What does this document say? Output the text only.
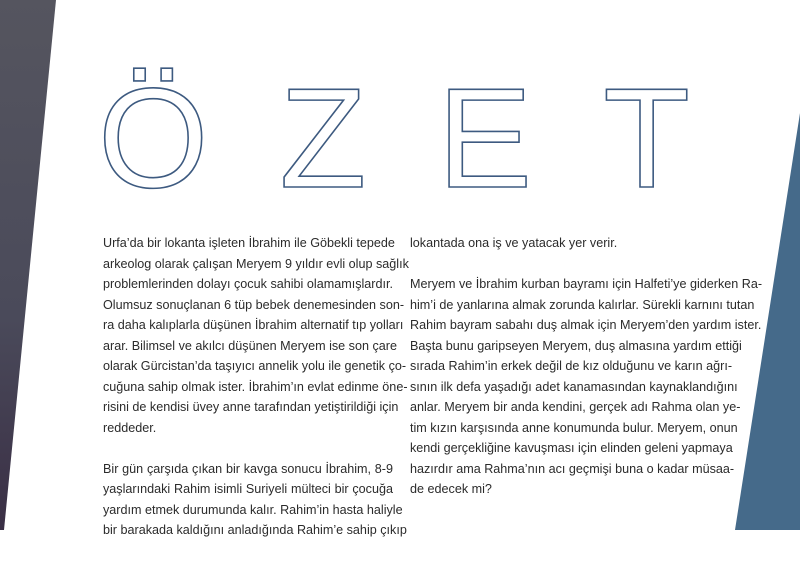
ÖZET
Urfa’da bir lokanta işleten İbrahim ile Göbekli tepede
arkeolog olarak çalışan Meryem 9 yıldır evli olup sağlık
problemlerinden dolayı çocuk sahibi olamamışlardır.
Olumsuz sonuçlanan 6 tüp bebek denemesinden son-
ra daha kalıplarla düşünen İbrahim alternatif tıp yolları
arar. Bilimsel ve akılcı düşünen Meryem ise son çare
olarak Gürcistan’da taşıyıcı annelik yolu ile genetik ço-
cuğuna sahip olmak ister. İbrahim’ın evlat edinme öne-
risini de kendisi üvey anne tarafından yetiştirildiği için
reddeder.
Bir gün çarşıda çıkan bir kavga sonucu İbrahim, 8-9
yaşlarındaki Rahim isimli Suriyeli mülteci bir çocuğa
yardım etmek durumunda kalır. Rahim’in hasta haliyle
bir barakada kaldığını anladığında Rahim’e sahip çıkıp
lokantada ona iş ve yatacak yer verir.
Meryem ve İbrahim kurban bayramı için Halfeti’ye giderken Ra-
him’i de yanlarına almak zorunda kalırlar. Sürekli karnını tutan
Rahim bayram sabahı duş almak için Meryem’den yardım ister.
Başta bunu garipseyen Meryem, duş almasına yardım ettiği
sırada Rahim’in erkek değil de kız olduğunu ve karın ağrı-
sının ilk defa yaşadığı adet kanamasından kaynaklandığını
anlar. Meryem bir anda kendini, gerçek adı Rahma olan ye-
tim kızın karşısında anne konumunda bulur. Meryem, onun
kendi gerçekliğine kavuşması için elinden geleni yapmaya
hazırdır ama Rahma’nın acı geçmişi buna o kadar müsaa-
de edecek mi?
